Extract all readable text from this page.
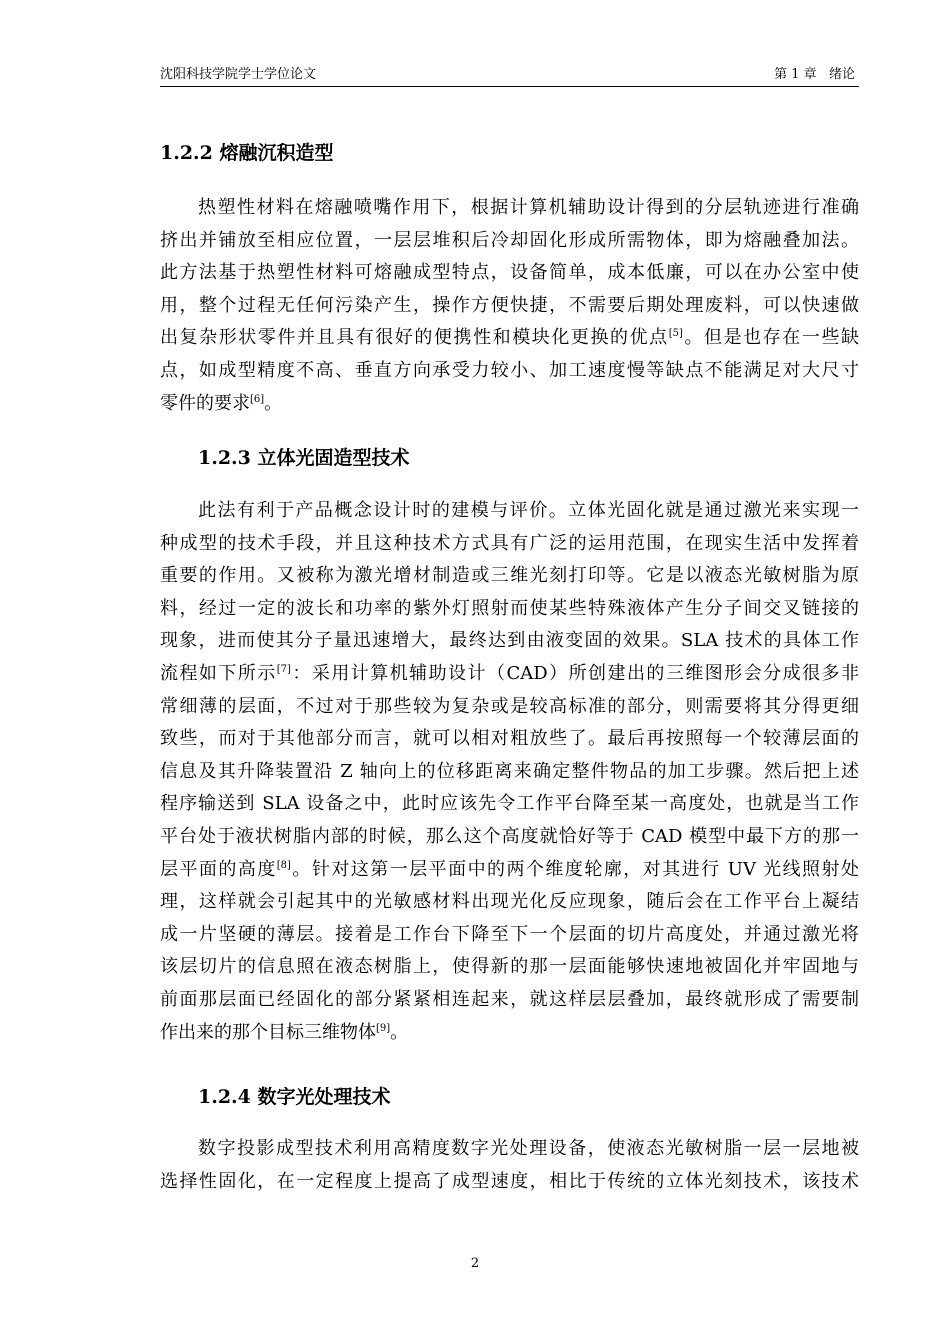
沈阳科技学院学士学位论文	第 1 章   绪论
1.2.2 熔融沉积造型
热塑性材料在熔融喷嘴作用下，根据计算机辅助设计得到的分层轨迹进行准确
挤出并铺放至相应位置，一层层堆积后冷却固化形成所需物体，即为熔融叠加法。
此方法基于热塑性材料可熔融成型特点，设备简单，成本低廉，可以在办公室中使
用，整个过程无任何污染产生，操作方便快捷，不需要后期处理废料，可以快速做
出复杂形状零件并且具有很好的便携性和模块化更换的优点[5]。但是也存在一些缺
点，如成型精度不高、垂直方向承受力较小、加工速度慢等缺点不能满足对大尺寸
零件的要求[6]。
1.2.3 立体光固造型技术
此法有利于产品概念设计时的建模与评价。立体光固化就是通过激光来实现一
种成型的技术手段，并且这种技术方式具有广泛的运用范围，在现实生活中发挥着
重要的作用。又被称为激光增材制造或三维光刻打印等。它是以液态光敏树脂为原
料，经过一定的波长和功率的紫外灯照射而使某些特殊液体产生分子间交叉链接的
现象，进而使其分子量迅速增大，最终达到由液变固的效果。SLA 技术的具体工作
流程如下所示[7]：采用计算机辅助设计（CAD）所创建出的三维图形会分成很多非
常细薄的层面，不过对于那些较为复杂或是较高标准的部分，则需要将其分得更细
致些，而对于其他部分而言，就可以相对粗放些了。最后再按照每一个较薄层面的
信息及其升降装置沿 Z 轴向上的位移距离来确定整件物品的加工步骤。然后把上述
程序输送到 SLA 设备之中，此时应该先令工作平台降至某一高度处，也就是当工作
平台处于液状树脂内部的时候，那么这个高度就恰好等于 CAD 模型中最下方的那一
层平面的高度[8]。针对这第一层平面中的两个维度轮廓，对其进行 UV 光线照射处
理，这样就会引起其中的光敏感材料出现光化反应现象，随后会在工作平台上凝结
成一片坚硬的薄层。接着是工作台下降至下一个层面的切片高度处，并通过激光将
该层切片的信息照在液态树脂上，使得新的那一层面能够快速地被固化并牢固地与
前面那层面已经固化的部分紧紧相连起来，就这样层层叠加，最终就形成了需要制
作出来的那个目标三维物体[9]。
1.2.4 数字光处理技术
数字投影成型技术利用高精度数字光处理设备，使液态光敏树脂一层一层地被
选择性固化，在一定程度上提高了成型速度，相比于传统的立体光刻技术，该技术
2
